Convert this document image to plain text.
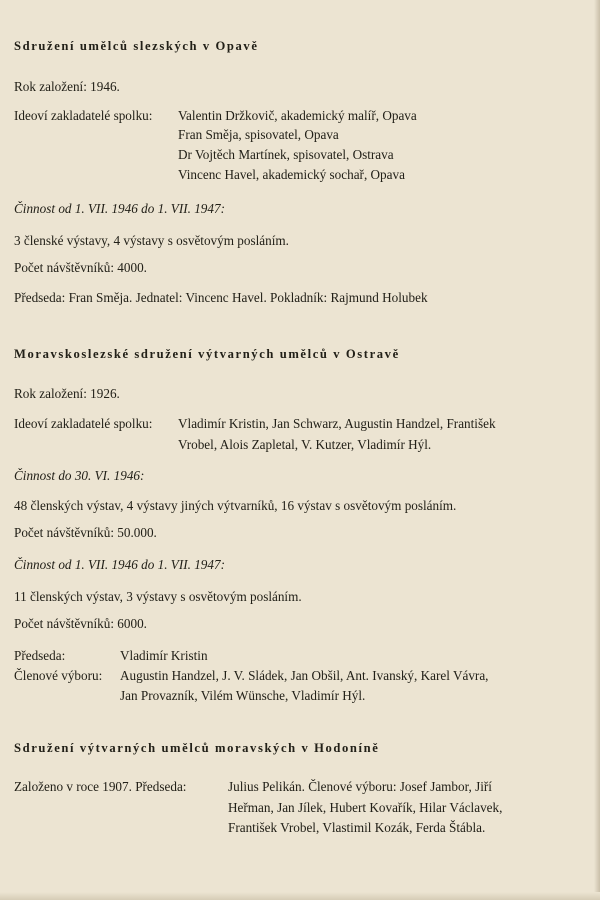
Sdružení umělců slezských v Opavě
Rok založení: 1946.
Ideoví zakladatelé spolku: Valentin Držkovič, akademický malíř, Opava
Fran Směja, spisovatel, Opava
Dr Vojtěch Martínek, spisovatel, Ostrava
Vincenc Havel, akademický sochař, Opava
Činnost od 1. VII. 1946 do 1. VII. 1947:
3 členské výstavy, 4 výstavy s osvětovým posláním.
Počet návštěvníků: 4000.
Předseda: Fran Směja. Jednatel: Vincenc Havel. Pokladník: Rajmund Holubek
Moravskoslezské sdružení výtvarných umělců v Ostravě
Rok založení: 1926.
Ideoví zakladatelé spolku: Vladimír Kristin, Jan Schwarz, Augustin Handzel, František
Vrobel, Alois Zapletal, V. Kutzer, Vladimír Hýl.
Činnost do 30. VI. 1946:
48 členských výstav, 4 výstavy jiných výtvarníků, 16 výstav s osvětovým posláním.
Počet návštěvníků: 50.000.
Činnost od 1. VII. 1946 do 1. VII. 1947:
11 členských výstav, 3 výstavy s osvětovým posláním.
Počet návštěvníků: 6000.
Předseda:	Vladimír Kristin
Členové výboru: Augustin Handzel, J. V. Sládek, Jan Obšil, Ant. Ivanský, Karel Vávra,
Jan Provazník, Vilém Wünsche, Vladimír Hýl.
Sdružení výtvarných umělců moravských v Hodoníně
Založeno v roce 1907. Předseda:	Julius Pelikán. Členové výboru: Josef Jambor, Jiří
Heřman, Jan Jílek, Hubert Kovařík, Hilar Václavek,
František Vrobel, Vlastimil Kozák, Ferda Štábla.
